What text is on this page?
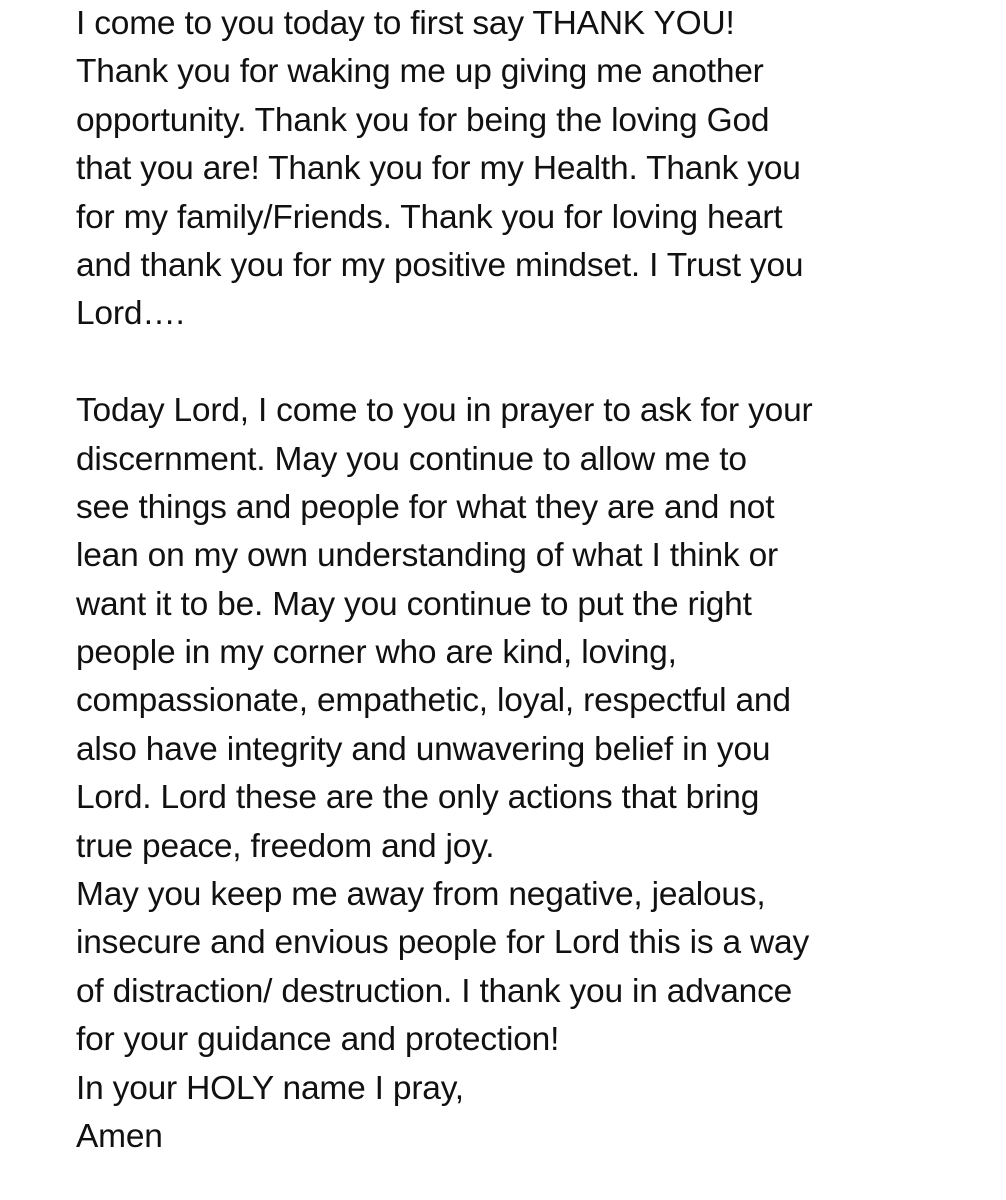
I come to you today to first say THANK YOU!
Thank you for waking me up giving me another
opportunity. Thank you for being the loving God
that you are! Thank you for my Health. Thank you
for my family/Friends. Thank you for loving heart
and thank you for my positive mindset. I Trust you
Lord….
Today Lord, I come to you in prayer to ask for your
discernment. May you continue to allow me to
see things and people for what they are and not
lean on my own understanding of what I think or
want it to be. May you continue to put the right
people in my corner who are kind, loving,
compassionate, empathetic, loyal, respectful and
also have integrity and unwavering belief in you
Lord. Lord these are the only actions that bring
true peace, freedom and joy.
May you keep me away from negative, jealous,
insecure and envious people for Lord this is a way
of distraction/ destruction. I thank you in advance
for your guidance and protection!
In your HOLY name I pray,
Amen
